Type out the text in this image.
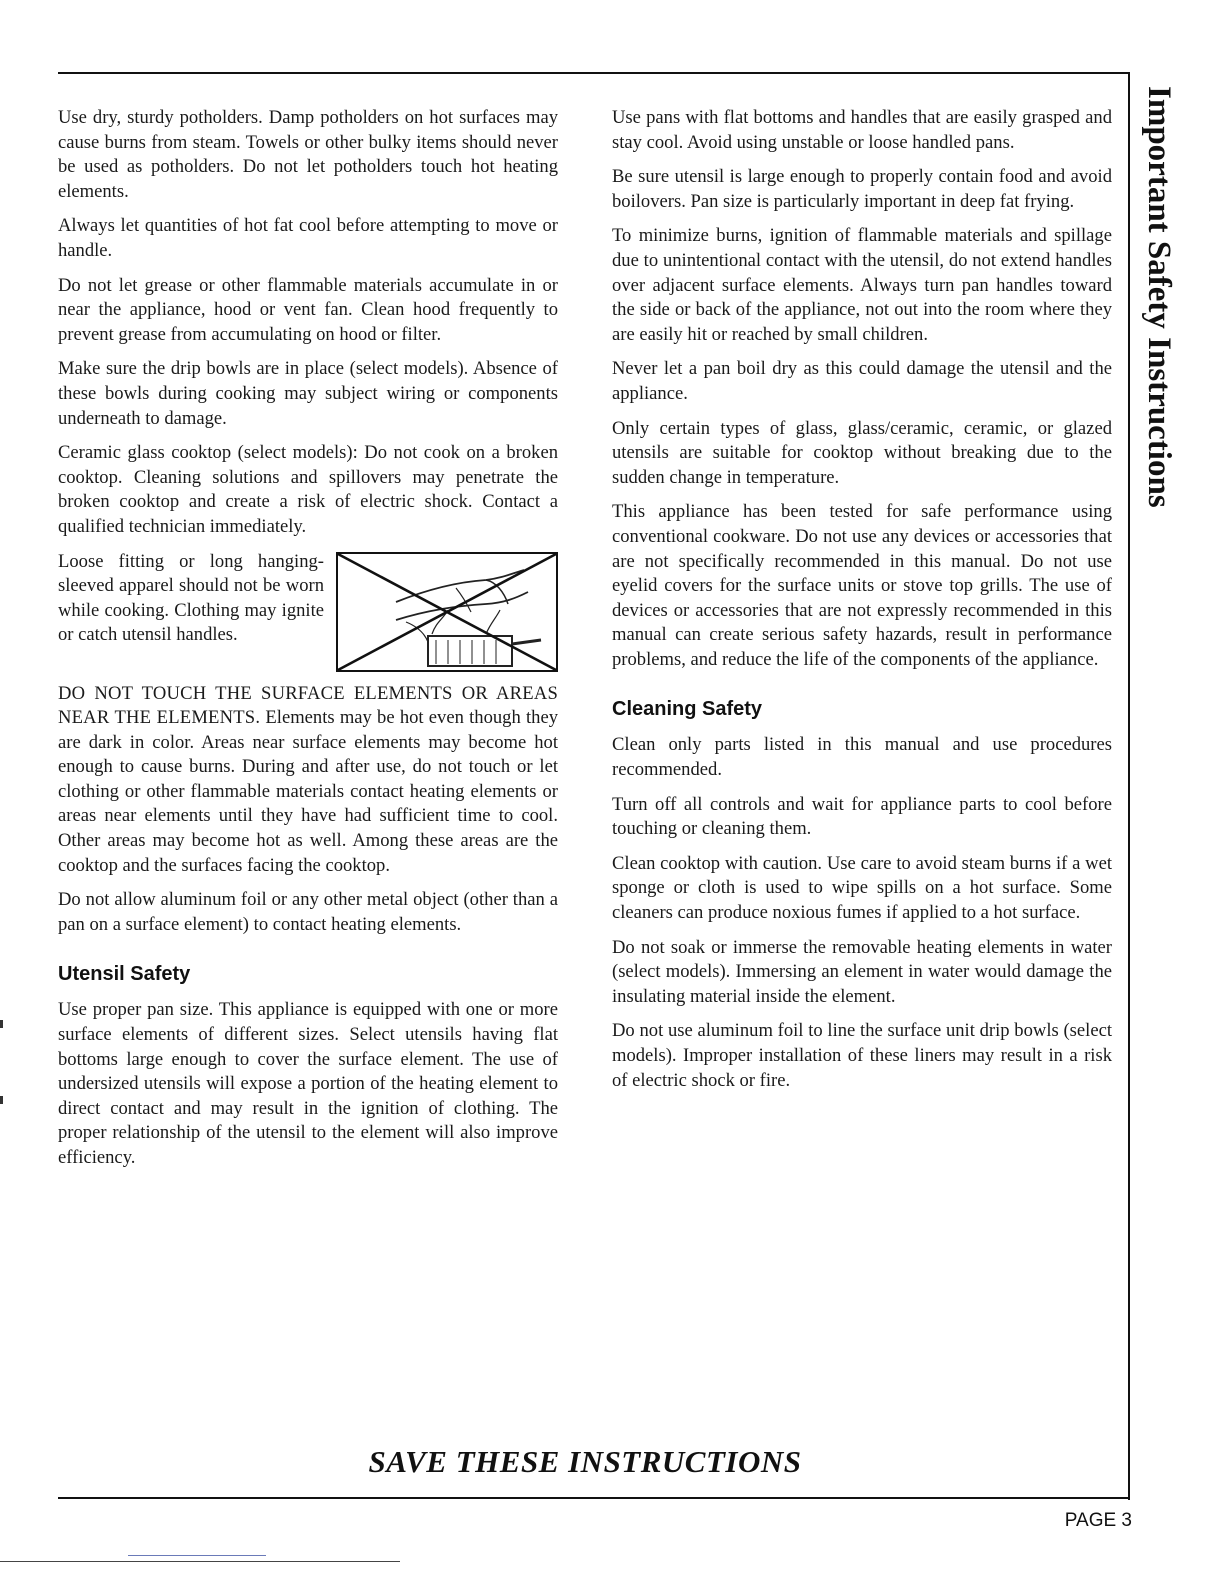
Important Safety Instructions

Use dry, sturdy potholders. Damp potholders on hot surfaces may cause burns from steam. Towels or other bulky items should never be used as potholders. Do not let potholders touch hot heating elements.

Always let quantities of hot fat cool before attempting to move or handle.

Do not let grease or other flammable materials accumulate in or near the appliance, hood or vent fan. Clean hood frequently to prevent grease from accumulating on hood or filter.

Make sure the drip bowls are in place (select models). Absence of these bowls during cooking may subject wiring or components underneath to damage.

Ceramic glass cooktop (select models): Do not cook on a broken cooktop. Cleaning solutions and spillovers may penetrate the broken cooktop and create a risk of electric shock. Contact a qualified technician immediately.

Loose fitting or long hanging-sleeved apparel should not be worn while cooking. Clothing may ignite or catch utensil handles.

DO NOT TOUCH THE SURFACE ELEMENTS OR AREAS NEAR THE ELEMENTS. Elements may be hot even though they are dark in color. Areas near surface elements may become hot enough to cause burns. During and after use, do not touch or let clothing or other flammable materials contact heating elements or areas near elements until they have had sufficient time to cool. Other areas may become hot as well. Among these areas are the cooktop and the surfaces facing the cooktop.

Do not allow aluminum foil or any other metal object (other than a pan on a surface element) to contact heating elements.

Utensil Safety

Use proper pan size. This appliance is equipped with one or more surface elements of different sizes. Select utensils having flat bottoms large enough to cover the surface element. The use of undersized utensils will expose a portion of the heating element to direct contact and may result in the ignition of clothing. The proper relationship of the utensil to the element will also improve efficiency.

Use pans with flat bottoms and handles that are easily grasped and stay cool. Avoid using unstable or loose handled pans.

Be sure utensil is large enough to properly contain food and avoid boilovers. Pan size is particularly important in deep fat frying.

To minimize burns, ignition of flammable materials and spillage due to unintentional contact with the utensil, do not extend handles over adjacent surface elements. Always turn pan handles toward the side or back of the appliance, not out into the room where they are easily hit or reached by small children.

Never let a pan boil dry as this could damage the utensil and the appliance.

Only certain types of glass, glass/ceramic, ceramic, or glazed utensils are suitable for cooktop without breaking due to the sudden change in temperature.

This appliance has been tested for safe performance using conventional cookware. Do not use any devices or accessories that are not specifically recommended in this manual. Do not use eyelid covers for the surface units or stove top grills. The use of devices or accessories that are not expressly recommended in this manual can create serious safety hazards, result in performance problems, and reduce the life of the components of the appliance.

Cleaning Safety

Clean only parts listed in this manual and use procedures recommended.

Turn off all controls and wait for appliance parts to cool before touching or cleaning them.

Clean cooktop with caution. Use care to avoid steam burns if a wet sponge or cloth is used to wipe spills on a hot surface. Some cleaners can produce noxious fumes if applied to a hot surface.

Do not soak or immerse the removable heating elements in water (select models). Immersing an element in water would damage the insulating material inside the element.

Do not use aluminum foil to line the surface unit drip bowls (select models). Improper installation of these liners may result in a risk of electric shock or fire.

SAVE THESE INSTRUCTIONS
PAGE 3
